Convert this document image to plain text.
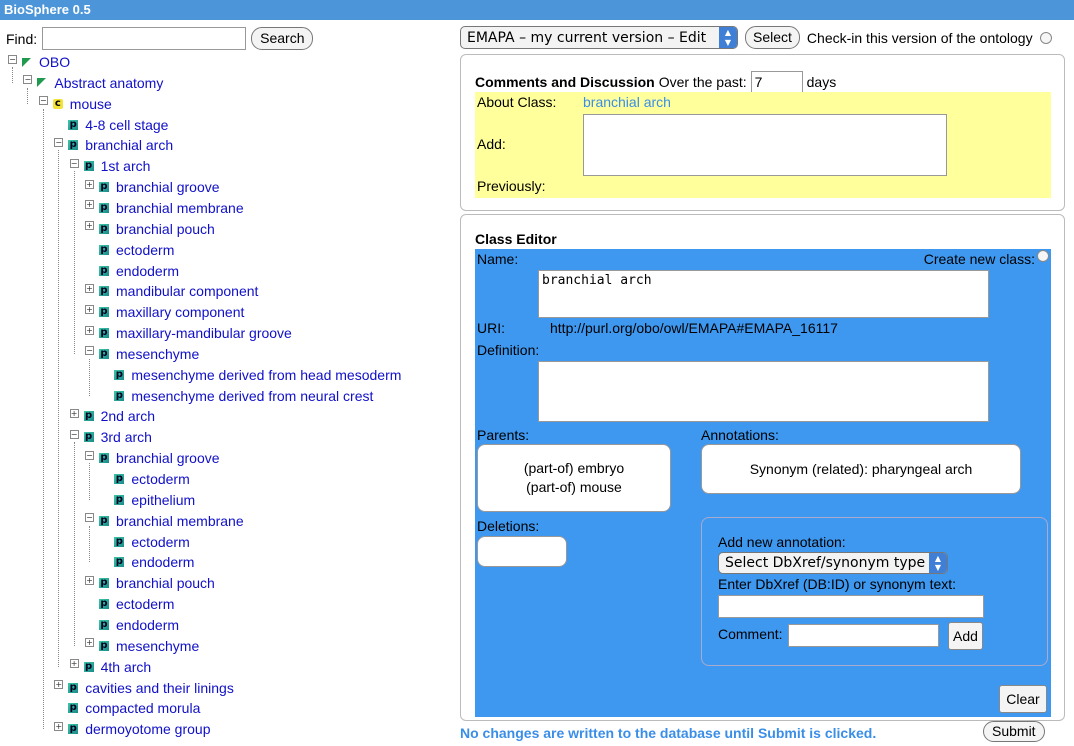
BioSphere 0.5
Find:	Search
− OBO
− Abstract anatomy
− c mouse
p 4-8 cell stage
− p branchial arch
− p 1st arch
+ p branchial groove
+ p branchial membrane
+ p branchial pouch
p ectoderm
p endoderm
+ p mandibular component
+ p maxillary component
+ p maxillary-mandibular groove
− p mesenchyme
p mesenchyme derived from head mesoderm
p mesenchyme derived from neural crest
+ p 2nd arch
− p 3rd arch
− p branchial groove
p ectoderm
p epithelium
− p branchial membrane
p ectoderm
p endoderm
+ p branchial pouch
p ectoderm
p endoderm
+ p mesenchyme
+ p 4th arch
+ p cavities and their linings
p compacted morula
+ p dermoyotome group
EMAPA – my current version – Edit	▲
▼	Select	Check-in this version of the ontology
Comments and Discussion Over the past:
7	days
About Class: branchial arch
Add:
Previously:
Class Editor
Name:	Create new class:
branchial arch
URI:	http://purl.org/obo/owl/EMAPA#EMAPA_16117
Definition:
Parents:	Annotations:
(part-of) embryo
(part-of) mouse
Synonym (related): pharyngeal arch
Deletions:
Add new annotation:
Select DbXref/synonym type	▲
▼
Enter DbXref (DB:ID) or synonym text:
Comment:	Add
Clear
No changes are written to the database until Submit is clicked.	Submit
